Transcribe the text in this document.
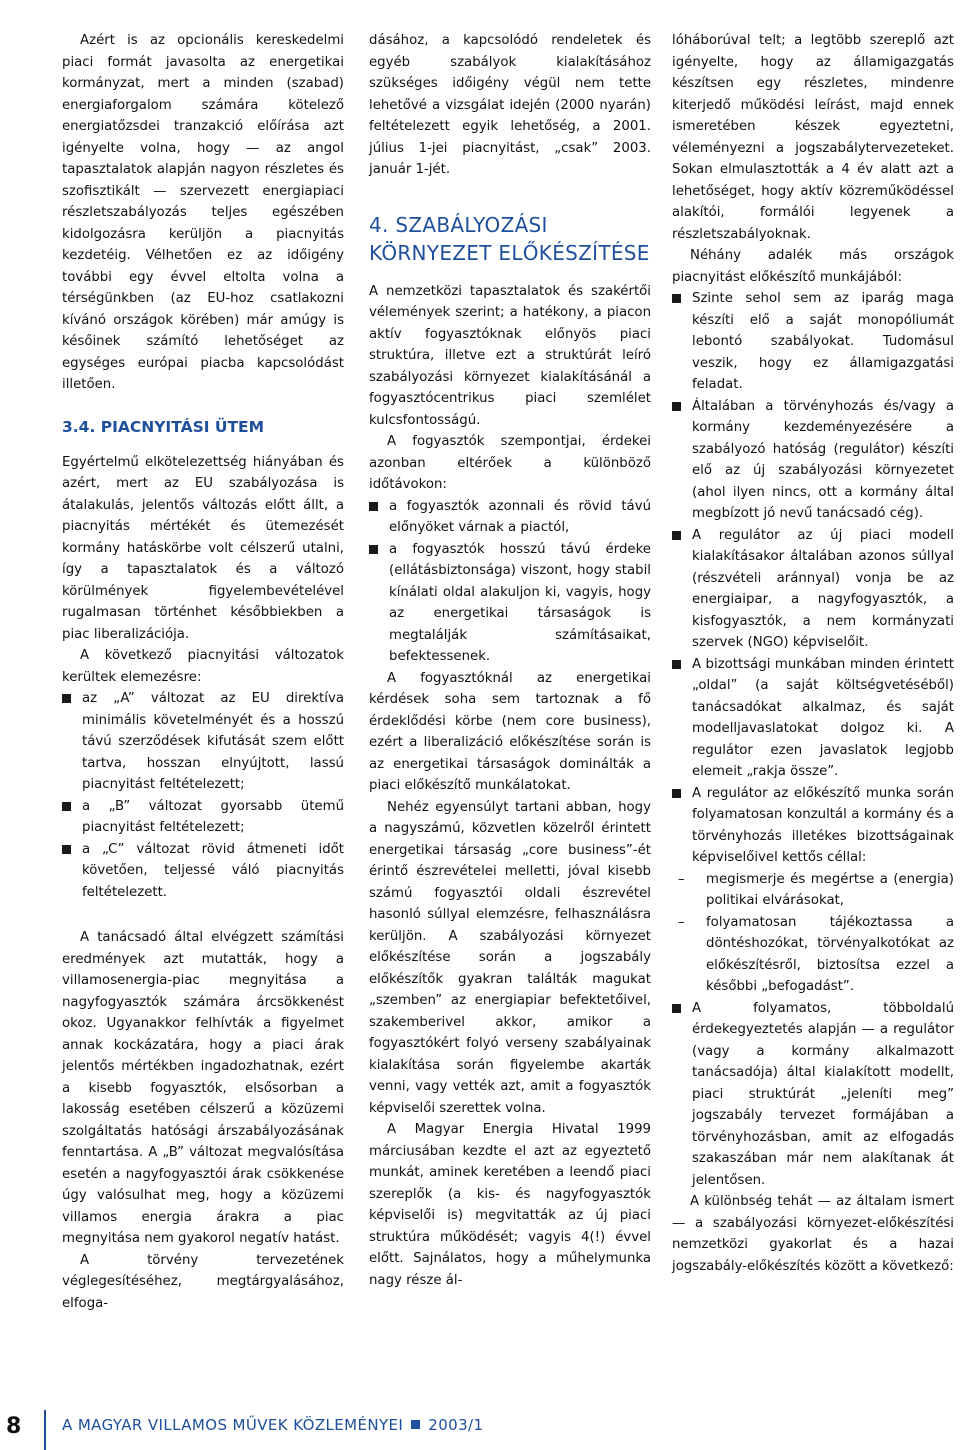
Azért is az opcionális kereskedelmi piaci formát javasolta az energetikai kormányzat, mert a minden (szabad) energiaforgalom számára kötelező energiatőzsdei tranzakció előírása azt igényelte volna, hogy — az angol tapasztalatok alapján nagyon részletes és szofisztikált — szervezett energiapiaci részletszabályozás teljes egészében kidolgozásra kerüljön a piacnyitás kezdetéig. Vélhetően ez az időigény további egy évvel eltolta volna a térségünkben (az EU-hoz csatlakozni kívánó országok körében) már amúgy is későinek számító lehetőséget az egységes európai piacba kapcsolódást illetően.

3.4. PIACNYITÁSI ÜTEM

Egyértelmű elkötelezettség hiányában és azért, mert az EU szabályozása is átalakulás, jelentős változás előtt állt, a piacnyitás mértékét és ütemezését kormány hatáskörbe volt célszerű utalni, így a tapasztalatok és a változó körülmények figyelembevételével rugalmasan történhet későbbiekben a piac liberalizációja.

A következő piacnyitási változatok kerültek elemezésre:

az „A” változat az EU direktíva minimális követelményét és a hosszú távú szerződések kifutását szem előtt tartva, hosszan elnyújtott, lassú piacnyitást feltételezett;
a „B” változat gyorsabb ütemű piacnyitást feltételezett;
a „C” változat rövid átmeneti időt követően, teljessé váló piacnyitás feltételezett.

A tanácsadó által elvégzett számítási eredmények azt mutatták, hogy a villamosenergia-piac megnyitása a nagyfogyasztók számára árcsökkenést okoz. Ugyanakkor felhívták a figyelmet annak kockázatára, hogy a piaci árak jelentős mértékben ingadozhatnak, ezért a kisebb fogyasztók, elsősorban a lakosság esetében célszerű a közüzemi szolgáltatás hatósági árszabályozásának fenntartása. A „B” változat megvalósítása esetén a nagyfogyasztói árak csökkenése úgy valósulhat meg, hogy a közüzemi villamos energia árakra a piac megnyitása nem gyakorol negatív hatást.

A törvény tervezetének véglegesítéséhez, megtárgyalásához, elfoga-

dásához, a kapcsolódó rendeletek és egyéb szabályok kialakításához szükséges időigény végül nem tette lehetővé a vizsgálat idején (2000 nyarán) feltételezett egyik lehetőség, a 2001. július 1-jei piacnyitást, „csak” 2003. január 1-jét.

4. SZABÁLYOZÁSI KÖRNYEZET ELŐKÉSZÍTÉSE

A nemzetközi tapasztalatok és szakértői vélemények szerint; a hatékony, a piacon aktív fogyasztóknak előnyös piaci struktúra, illetve ezt a struktúrát leíró szabályozási környezet kialakításánál a fogyasztócentrikus piaci szemlélet kulcsfontosságú.

A fogyasztók szempontjai, érdekei azonban eltérőek a különböző időtávokon:

a fogyasztók azonnali és rövid távú előnyöket várnak a piactól,
a fogyasztók hosszú távú érdeke (ellátásbiztonsága) viszont, hogy stabil kínálati oldal alakuljon ki, vagyis, hogy az energetikai társaságok is megtalálják számításaikat, befektessenek.

A fogyasztóknál az energetikai kérdések soha sem tartoznak a fő érdeklődési körbe (nem core business), ezért a liberalizáció előkészítése során is az energetikai társaságok dominálták a piaci előkészítő munkálatokat.

Nehéz egyensúlyt tartani abban, hogy a nagyszámú, közvetlen közelről érintett energetikai társaság „core business”-ét érintő észrevételei melletti, jóval kisebb számú fogyasztói oldali észrevétel hasonló súllyal elemzésre, felhasználásra kerüljön. A szabályozási környezet előkészítése során a jogszabály előkészítők gyakran találták magukat „szemben” az energiapiar befektetőivel, szakemberivel akkor, amikor a fogyasztókért folyó verseny szabályainak kialakítása során figyelembe akarták venni, vagy vették azt, amit a fogyasztók képviselői szerettek volna.

A Magyar Energia Hivatal 1999 márciusában kezdte el azt az egyeztető munkát, aminek keretében a leendő piaci szereplők (a kis- és nagyfogyasztók képviselői is) megvitatták az új piaci struktúra működését; vagyis 4(!) évvel előtt. Sajnálatos, hogy a műhelymunka nagy része ál-

lóháborúval telt; a legtöbb szereplő azt igényelte, hogy az államigazgatás készítsen egy részletes, mindenre kiterjedő működési leírást, majd ennek ismeretében készek egyeztetni, véleményezni a jogszabálytervezeteket. Sokan elmulasztották a 4 év alatt azt a lehetőséget, hogy aktív közreműködéssel alakítói, formálói legyenek a részletszabályoknak.

Néhány adalék más országok piacnyitást előkészítő munkájából:

Szinte sehol sem az iparág maga készíti elő a saját monopóliumát lebontó szabályokat. Tudomásul veszik, hogy ez államigazgatási feladat.
Általában a törvényhozás és/vagy a kormány kezdeményezésére a szabályozó hatóság (regulátor) készíti elő az új szabályozási környezetet (ahol ilyen nincs, ott a kormány által megbízott jó nevű tanácsadó cég).
A regulátor az új piaci modell kialakításakor általában azonos súllyal (részvételi aránnyal) vonja be az energiaipar, a nagyfogyasztók, a kisfogyasztók, a nem kormányzati szervek (NGO) képviselőit.
A bizottsági munkában minden érintett „oldal” (a saját költségvetéséből) tanácsadókat alkalmaz, és saját modelljavaslatokat dolgoz ki. A regulátor ezen javaslatok legjobb elemeit „rakja össze”.
A regulátor az előkészítő munka során folyamatosan konzultál a kormány és a törvényhozás illetékes bizottságainak képviselőivel kettős céllal:
– megismerje és megértse a (energia) politikai elvárásokat,
– folyamatosan tájékoztassa a döntéshozókat, törvényalkotókat az előkészítésről, biztosítsa ezzel a későbbi „befogadást”.
A folyamatos, többoldalú érdekegyeztetés alapján — a regulátor (vagy a kormány alkalmazott tanácsadója) által kialakított modellt, piaci struktúrát „jeleníti meg” jogszabály tervezet formájában a törvényhozásban, amit az elfogadás szakaszában már nem alakítanak át jelentősen.

A különbség tehát — az általam ismert — a szabályozási környezet-előkészítési nemzetközi gyakorlat és a hazai jogszabály-előkészítés között a következő:

8	A MAGYAR VILLAMOS MŰVEK KÖZLEMÉNYEI 2003/1
